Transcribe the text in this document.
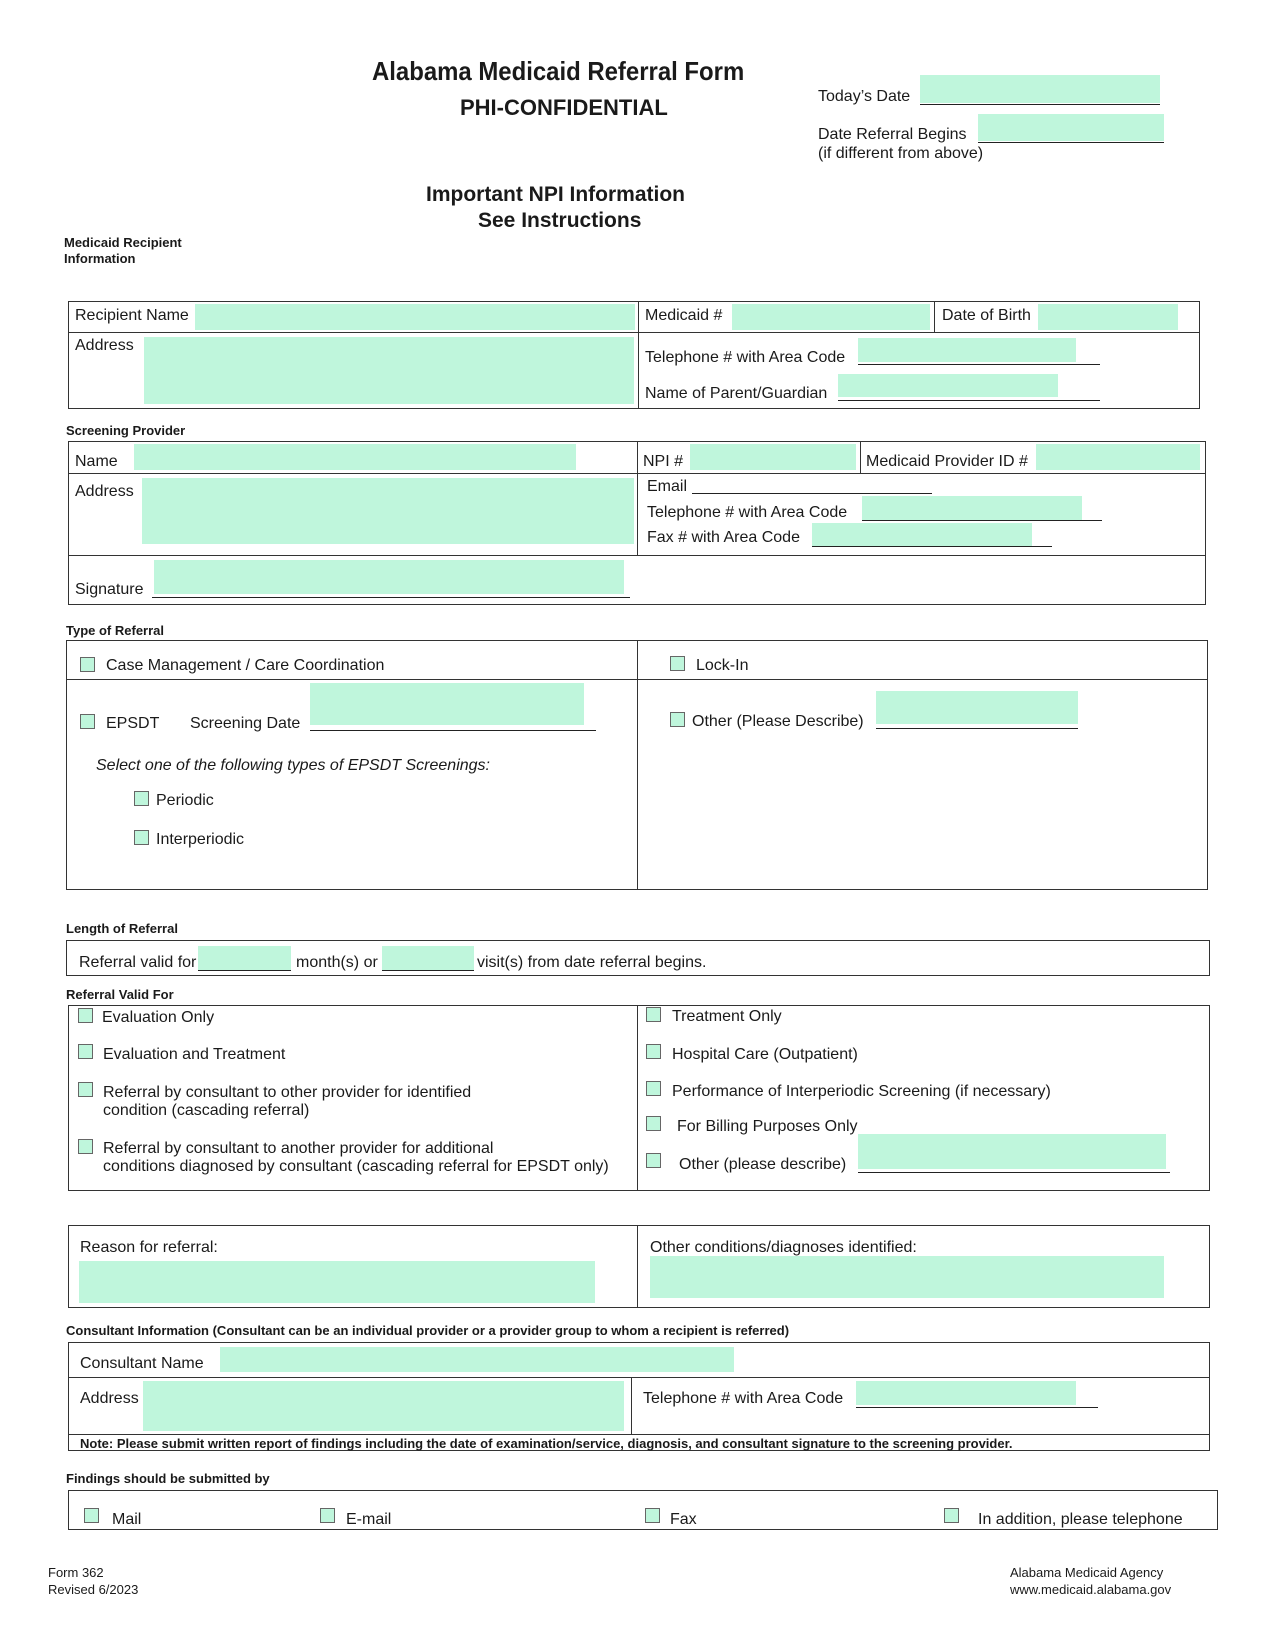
Alabama Medicaid Referral Form
PHI-CONFIDENTIAL	Today’s Date
Date Referral Begins
(if different from above)
Important NPI Information
See Instructions
Medicaid Recipient
Information
Recipient Name	Medicaid #	Date of Birth
Address
Telephone # with Area Code
Name of Parent/Guardian
Screening Provider
Name	NPI #	Medicaid Provider ID #
Address	Email
Telephone # with Area Code
Fax # with Area Code
Signature
Type of Referral
Case Management / Care Coordination	Lock-In
EPSDT Screening Date	Other (Please Describe)
Select one of the following types of EPSDT Screenings:
Periodic
Interperiodic
Length of Referral
Referral valid for	month(s) or	visit(s) from date referral begins.
Referral Valid For
Evaluation Only
Evaluation and Treatment
Referral by consultant to other provider for identified
condition (cascading referral)
Referral by consultant to another provider for additional
conditions diagnosed by consultant (cascading referral for EPSDT only)
Treatment Only
Hospital Care (Outpatient)
Performance of Interperiodic Screening (if necessary)
For Billing Purposes Only
Other (please describe)
Reason for referral:	Other conditions/diagnoses identified:
Consultant Information (Consultant can be an individual provider or a provider group to whom a recipient is referred)
Consultant Name
Address	Telephone # with Area Code
Note: Please submit written report of findings including the date of examination/service, diagnosis, and consultant signature to the screening provider.
Findings should be submitted by
Mail	E-mail	Fax	In addition, please telephone
Form 362
Revised 6/2023
Alabama Medicaid Agency
www.medicaid.alabama.gov
